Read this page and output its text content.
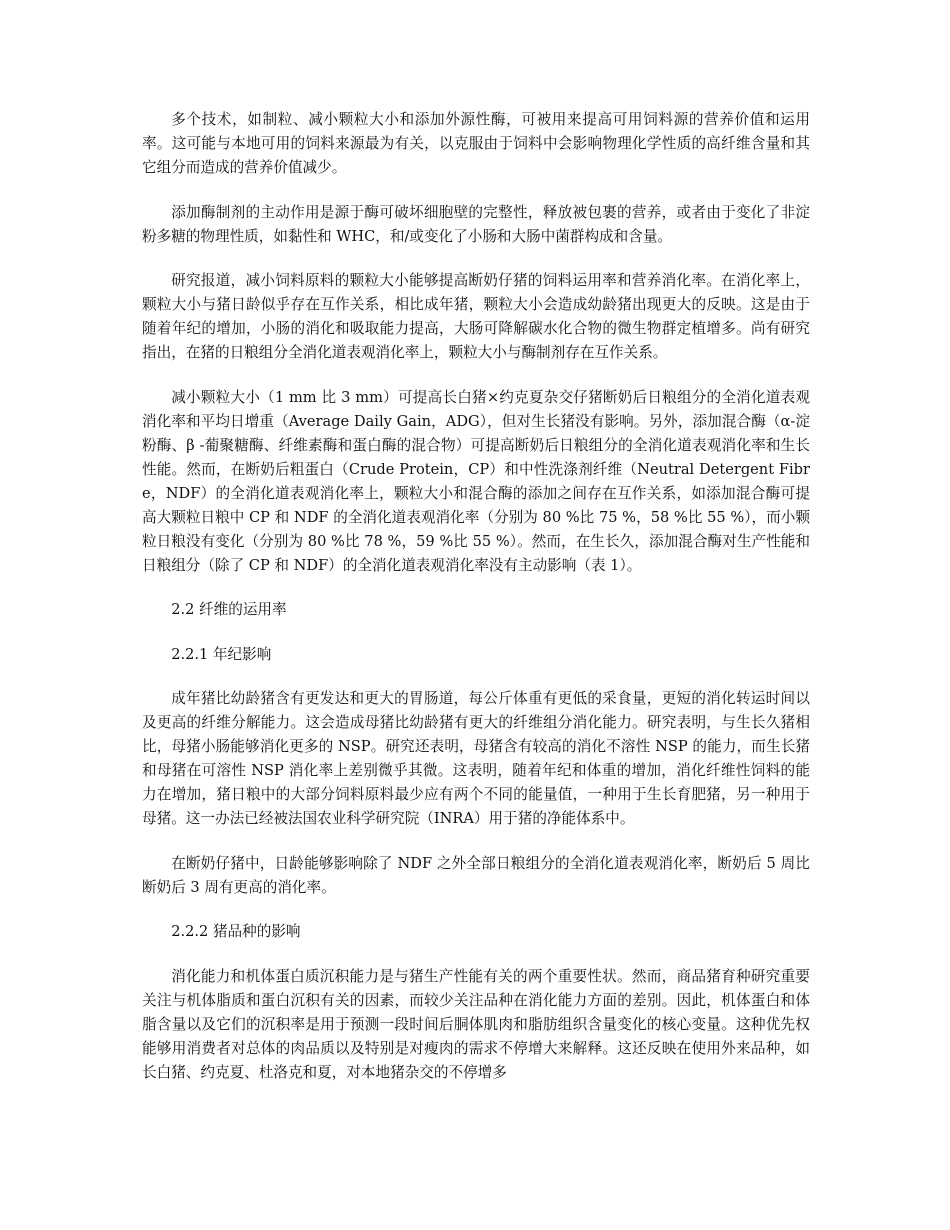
多个技术，如制粒、减小颗粒大小和添加外源性酶，可被用来提高可用饲料源的营养价值和运用率。这可能与本地可用的饲料来源最为有关，以克服由于饲料中会影响物理化学性质的高纤维含量和其它组分而造成的营养价值减少。

添加酶制剂的主动作用是源于酶可破坏细胞壁的完整性，释放被包裹的营养，或者由于变化了非淀粉多糖的物理性质，如黏性和 WHC，和/或变化了小肠和大肠中菌群构成和含量。

研究报道，减小饲料原料的颗粒大小能够提高断奶仔猪的饲料运用率和营养消化率。在消化率上，颗粒大小与猪日龄似乎存在互作关系，相比成年猪，颗粒大小会造成幼龄猪出现更大的反映。这是由于随着年纪的增加，小肠的消化和吸取能力提高，大肠可降解碳水化合物的微生物群定植增多。尚有研究指出，在猪的日粮组分全消化道表观消化率上，颗粒大小与酶制剂存在互作关系。

减小颗粒大小（1 mm 比 3 mm）可提高长白猪×约克夏杂交仔猪断奶后日粮组分的全消化道表观消化率和平均日增重（Average Daily Gain，ADG），但对生长猪没有影响。另外，添加混合酶（α-淀粉酶、β -葡聚糖酶、纤维素酶和蛋白酶的混合物）可提高断奶后日粮组分的全消化道表观消化率和生长性能。然而，在断奶后粗蛋白（Crude Protein，CP）和中性洗涤剂纤维（Neutral Detergent Fibre，NDF）的全消化道表观消化率上，颗粒大小和混合酶的添加之间存在互作关系，如添加混合酶可提高大颗粒日粮中 CP 和 NDF 的全消化道表观消化率（分别为 80 %比 75 %，58 %比 55 %），而小颗粒日粮没有变化（分别为 80 %比 78 %，59 %比 55 %）。然而，在生长久，添加混合酶对生产性能和日粮组分（除了 CP 和 NDF）的全消化道表观消化率没有主动影响（表 1）。

2.2 纤维的运用率

2.2.1 年纪影响

成年猪比幼龄猪含有更发达和更大的胃肠道，每公斤体重有更低的采食量，更短的消化转运时间以及更高的纤维分解能力。这会造成母猪比幼龄猪有更大的纤维组分消化能力。研究表明，与生长久猪相比，母猪小肠能够消化更多的 NSP。研究还表明，母猪含有较高的消化不溶性 NSP 的能力，而生长猪和母猪在可溶性 NSP 消化率上差别微乎其微。这表明，随着年纪和体重的增加，消化纤维性饲料的能力在增加，猪日粮中的大部分饲料原料最少应有两个不同的能量值，一种用于生长育肥猪，另一种用于母猪。这一办法已经被法国农业科学研究院（INRA）用于猪的净能体系中。

在断奶仔猪中，日龄能够影响除了 NDF 之外全部日粮组分的全消化道表观消化率，断奶后 5 周比断奶后 3 周有更高的消化率。

2.2.2 猪品种的影响

消化能力和机体蛋白质沉积能力是与猪生产性能有关的两个重要性状。然而，商品猪育种研究重要关注与机体脂质和蛋白沉积有关的因素，而较少关注品种在消化能力方面的差别。因此，机体蛋白和体脂含量以及它们的沉积率是用于预测一段时间后胴体肌肉和脂肪组织含量变化的核心变量。这种优先权能够用消费者对总体的肉品质以及特别是对瘦肉的需求不停增大来解释。这还反映在使用外来品种，如长白猪、约克夏、杜洛克和夏，对本地猪杂交的不停增多
